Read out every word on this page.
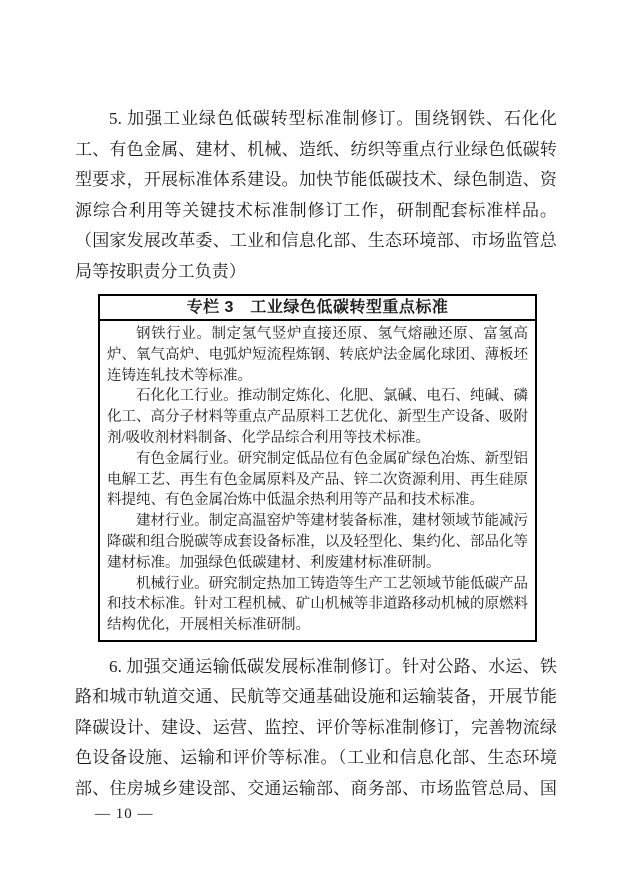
5. 加强工业绿色低碳转型标准制修订。围绕钢铁、石化化工、有色金属、建材、机械、造纸、纺织等重点行业绿色低碳转型要求，开展标准体系建设。加快节能低碳技术、绿色制造、资源综合利用等关键技术标准制修订工作，研制配套标准样品。（国家发展改革委、工业和信息化部、生态环境部、市场监管总局等按职责分工负责）

专栏 3　工业绿色低碳转型重点标准

钢铁行业。制定氢气竖炉直接还原、氢气熔融还原、富氢高炉、氧气高炉、电弧炉短流程炼钢、转底炉法金属化球团、薄板坯连铸连轧技术等标准。

石化化工行业。推动制定炼化、化肥、氯碱、电石、纯碱、磷化工、高分子材料等重点产品原料工艺优化、新型生产设备、吸附剂/吸收剂材料制备、化学品综合利用等技术标准。

有色金属行业。研究制定低品位有色金属矿绿色冶炼、新型铝电解工艺、再生有色金属原料及产品、锌二次资源利用、再生硅原料提纯、有色金属冶炼中低温余热利用等产品和技术标准。

建材行业。制定高温窑炉等建材装备标准，建材领域节能减污降碳和组合脱碳等成套设备标准，以及轻型化、集约化、部品化等建材标准。加强绿色低碳建材、利废建材标准研制。

机械行业。研究制定热加工铸造等生产工艺领域节能低碳产品和技术标准。针对工程机械、矿山机械等非道路移动机械的原燃料结构优化，开展相关标准研制。

6. 加强交通运输低碳发展标准制修订。针对公路、水运、铁路和城市轨道交通、民航等交通基础设施和运输装备，开展节能降碳设计、建设、运营、监控、评价等标准制修订，完善物流绿色设备设施、运输和评价等标准。（工业和信息化部、生态环境部、住房城乡建设部、交通运输部、商务部、市场监管总局、国

— 10 —
